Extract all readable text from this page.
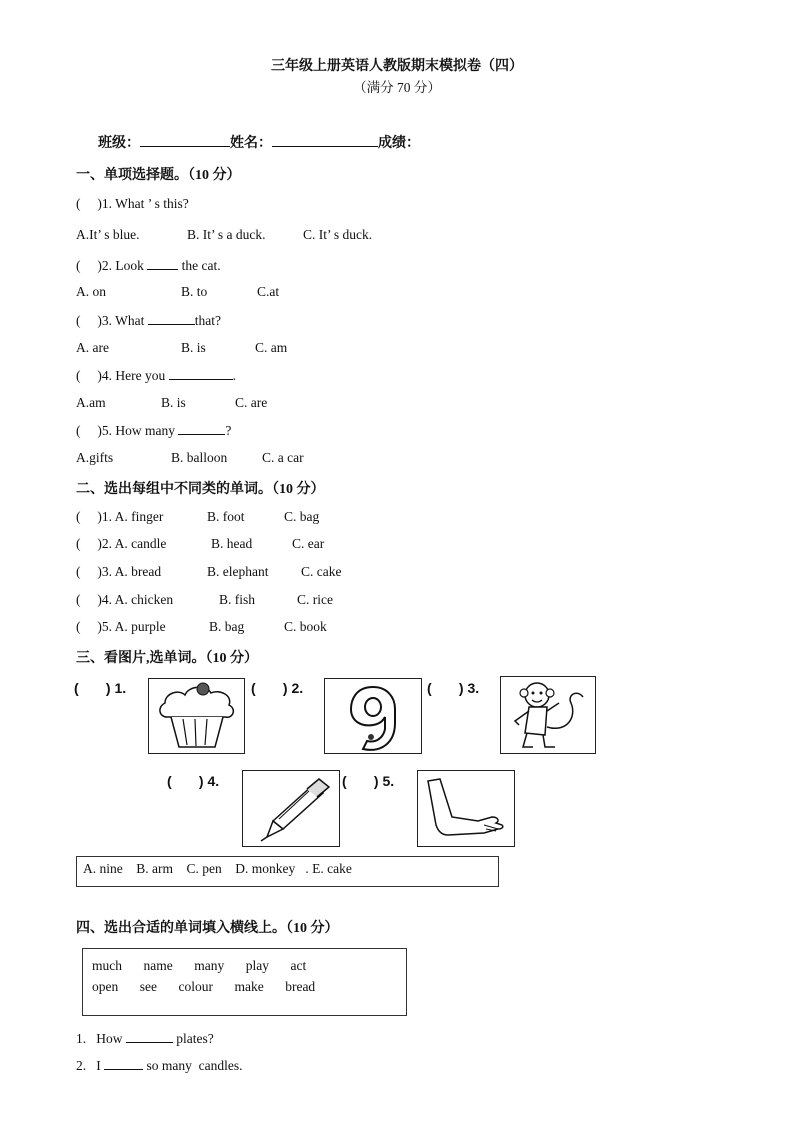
三年级上册英语人教版期末模拟卷（四）
（满分 70 分）

班级：	姓名：	成绩：

一、单项选择题。（10 分）
(     )1. What ’ s this?
A.It’ s blue.	B. It’ s a duck.	C. It’ s duck.
(     )2. Look  the cat.
A. on	B. to	C.at
(     )3. What	that?
A. are	B. is	C. am
(     )4. Here you	.
A.am	B. is	C. are
(     )5. How many	?
A.gifts	B. balloon	C. a car
二、选出每组中不同类的单词。（10 分）
(     )1. A. finger	B. foot	C. bag
(     )2. A. candle	B. head	C. ear
(     )3. A. bread	B. elephant C. cake
(     )4. A. chicken	B. fish	C. rice
(     )5. A. purple	B. bag	C. book
三、看图片,选单词。（10 分）
(       ) 1.	(       ) 2.	(       ) 3.
(       ) 4.	(       ) 5.
A. nine    B. arm    C. pen    D. monkey   . E. cake
四、选出合适的单词填入横线上。（10 分）
much    name    many    play    act
open    see    colour    make    bread
1.   How	plates?
2.   I	so many  candles.
